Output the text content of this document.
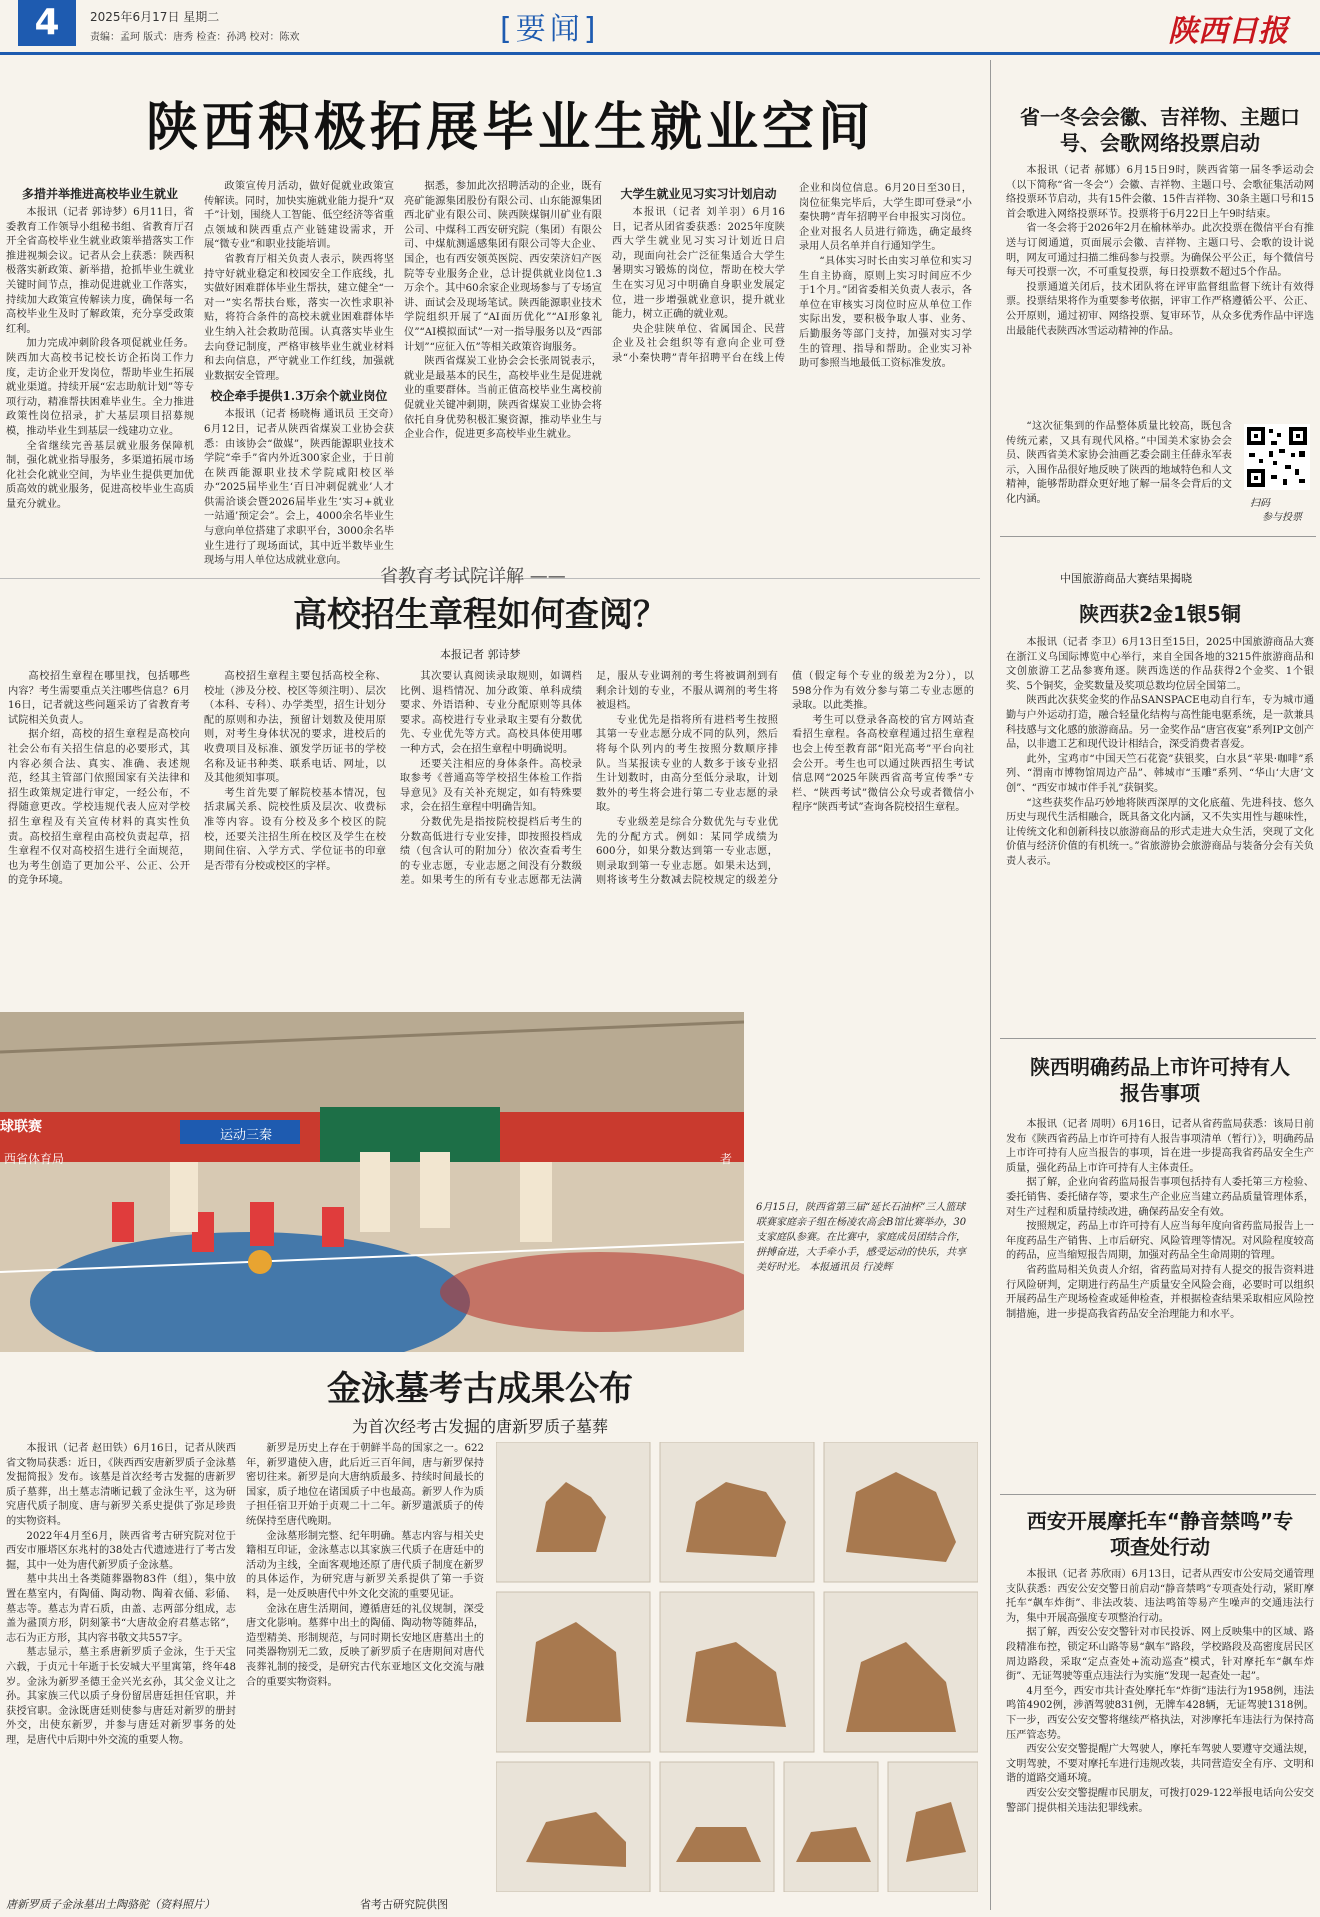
4	2025年6月17日 星期二
责编：孟珂 版式：唐秀 检查：孙鸿 校对：陈欢	[要闻]	陕西日报
陕西积极拓展毕业生就业空间
多措并举推进高校毕业生就业

本报讯（记者 郭诗梦）6月11日，省委教育工作领导小组秘书组、省教育厅召开全省高校毕业生就业政策举措落实工作推进视频会议。记者从会上获悉：陕西积极落实新政策、新举措，抢抓毕业生就业关键时间节点，推动促进就业工作落实，持续加大政策宣传解读力度，确保每一名高校毕业生及时了解政策，充分享受政策红利。

加力完成冲刺阶段各项促就业任务。陕西加大高校书记校长访企拓岗工作力度，走访企业开发岗位，帮助毕业生拓展就业渠道。持续开展“宏志助航计划”等专项行动，精准帮扶困难毕业生。全力推进政策性岗位招录，扩大基层项目招募规模，推动毕业生到基层一线建功立业。

全省继续完善基层就业服务保障机制，强化就业指导服务，多渠道拓展市场化社会化就业空间，为毕业生提供更加优质高效的就业服务，促进高校毕业生高质量充分就业。

政策宣传月活动，做好促就业政策宣传解读。同时，加快实施就业能力提升“双千”计划，围绕人工智能、低空经济等省重点领域和陕西重点产业链建设需求，开展“微专业”和职业技能培训。

省教育厅相关负责人表示，陕西将坚持守好就业稳定和校园安全工作底线，扎实做好困难群体毕业生帮扶，建立健全“一对一”实名帮扶台账，落实一次性求职补贴，将符合条件的高校未就业困难群体毕业生纳入社会救助范围。认真落实毕业生去向登记制度，严格审核毕业生就业材料和去向信息，严守就业工作红线，加强就业数据安全管理。

校企牵手提供1.3万余个就业岗位

本报讯（记者 杨晓梅 通讯员 王交奇）6月12日，记者从陕西省煤炭工业协会获悉：由该协会“做媒”，陕西能源职业技术学院“牵手”省内外近300家企业，于日前在陕西能源职业技术学院咸阳校区举办“2025届毕业生‘百日冲刺促就业’人才供需洽谈会暨2026届毕业生‘实习+就业一站通’预定会”。会上，4000余名毕业生与意向单位搭建了求职平台，3000余名毕业生进行了现场面试，其中近半数毕业生现场与用人单位达成就业意向。

据悉，参加此次招聘活动的企业，既有亮矿能源集团股份有限公司、山东能源集团西北矿业有限公司、陕西陕煤铜川矿业有限公司、中煤科工西安研究院（集团）有限公司、中煤航测遥感集团有限公司等大企业、国企，也有西安领英医院、西安荣济妇产医院等专业服务企业，总计提供就业岗位1.3万余个。其中60余家企业现场参与了专场宣讲、面试会及现场笔试。陕西能源职业技术学院组织开展了“AI面历优化”“AI形象礼仪”“AI模拟面试”一对一指导服务以及“西部计划”“应征入伍”等相关政策咨询服务。

陕西省煤炭工业协会会长张周锐表示，就业是最基本的民生，高校毕业生是促进就业的重要群体。当前正值高校毕业生离校前促就业关键冲刺期，陕西省煤炭工业协会将依托自身优势积极汇聚资源，推动毕业生与企业合作，促进更多高校毕业生就业。

大学生就业见习实习计划启动

本报讯（记者 刘羊羽）6月16日，记者从团省委获悉：2025年度陕西大学生就业见习实习计划近日启动，现面向社会广泛征集适合大学生暑期实习锻炼的岗位，帮助在校大学生在实习见习中明确自身职业发展定位，进一步增强就业意识，提升就业能力，树立正确的就业观。

央企驻陕单位、省属国企、民营企业及社会组织等有意向企业可登录“小秦快聘”青年招聘平台在线上传企业和岗位信息。6月20日至30日，岗位征集完毕后，大学生即可登录“小秦快聘”青年招聘平台申报实习岗位。企业对报名人员进行筛选，确定最终录用人员名单并自行通知学生。

“具体实习时长由实习单位和实习生自主协商，原则上实习时间应不少于1个月。”团省委相关负责人表示，各单位在审核实习岗位时应从单位工作实际出发，要积极争取人事、业务、后勤服务等部门支持，加强对实习学生的管理、指导和帮助。企业实习补助可参照当地最低工资标准发放。

省教育考试院详解 ——
高校招生章程如何查阅？
本报记者 郭诗梦

高校招生章程在哪里找，包括哪些内容？考生需要重点关注哪些信息？6月16日，记者就这些问题采访了省教育考试院相关负责人。

据介绍，高校的招生章程是高校向社会公布有关招生信息的必要形式，其内容必须合法、真实、准确、表述规范，经其主管部门依照国家有关法律和招生政策规定进行审定，一经公布，不得随意更改。学校违规代表人应对学校招生章程及有关宣传材料的真实性负责。高校招生章程由高校负责起草，招生章程不仅对高校招生进行全面规范，也为考生创造了更加公平、公正、公开的竞争环境。

高校招生章程主要包括高校全称、校址（涉及分校、校区等须注明）、层次（本科、专科）、办学类型，招生计划分配的原则和办法，预留计划数及使用原则，对考生身体状况的要求，进校后的收费项目及标准、颁发学历证书的学校名称及证书种类、联系电话、网址，以及其他须知事项。

考生首先要了解院校基本情况，包括隶属关系、院校性质及层次、收费标准等内容。设有分校及多个校区的院校，还要关注招生所在校区及学生在校期间住宿、入学方式、学位证书的印章是否带有分校或校区的字样。

其次要认真阅读录取规则，如调档比例、退档情况、加分政策、单科成绩要求、外语语种、专业分配原则等具体要求。高校进行专业录取主要有分数优先、专业优先等方式。高校具体使用哪一种方式，会在招生章程中明确说明。

还要关注相应的身体条件。高校录取参考《普通高等学校招生体检工作指导意见》及有关补充规定，如有特殊要求，会在招生章程中明确告知。

分数优先是指按院校提档后考生的分数高低进行专业安排，即按照投档成绩（包含认可的附加分）依次查看考生的专业志愿，专业志愿之间没有分数级差。如果考生的所有专业志愿都无法满足，服从专业调剂的考生将被调剂到有剩余计划的专业，不服从调剂的考生将被退档。

专业优先是指将所有进档考生按照其第一专业志愿分成不同的队列，然后将每个队列内的考生按照分数顺序排队。当某报读专业的人数多于该专业招生计划数时，由高分至低分录取，计划数外的考生将会进行第二专业志愿的录取。

专业级差是综合分数优先与专业优先的分配方式。例如：某同学成绩为600分，如果分数达到第一专业志愿，则录取到第一专业志愿。如果未达到，则将该考生分数减去院校规定的级差分值（假定每个专业的级差为2分），以598分作为有效分参与第二专业志愿的录取。以此类推。

考生可以登录各高校的官方网站查看招生章程。各高校章程通过招生章程也会上传至教育部“阳光高考”平台向社会公开。考生也可以通过陕西招生考试信息网“2025年陕西省高考宣传季”专栏、“陕西考试”微信公众号或者微信小程序“陕西考试”查询各院校招生章程。

球联赛
运动三秦
西省体育局	者
6月15日，陕西省第三届“延长石油杯”三人篮球联赛家庭亲子组在杨凌农高会B馆比赛举办，30支家庭队参赛。在比赛中，家庭成员团结合作，拼搏奋进，大手牵小手，感受运动的快乐，共享美好时光。 本报通讯员 行凌辉
金泳墓考古成果公布
为首次经考古发掘的唐新罗质子墓葬

本报讯（记者 赵田铁）6月16日，记者从陕西省文物局获悉：近日，《陕西西安唐新罗质子金泳墓发掘简报》发布。该墓是首次经考古发掘的唐新罗质子墓葬，出土墓志清晰记载了金泳生平，这为研究唐代质子制度、唐与新罗关系史提供了弥足珍贵的实物资料。

2022年4月至6月，陕西省考古研究院对位于西安市雁塔区东兆村的38处古代遗迹进行了考古发掘，其中一处为唐代新罗质子金泳墓。

墓中共出土各类随葬器物83件（组），集中放置在墓室内，有陶俑、陶动物、陶着衣俑、彩俑、墓志等。墓志为青石质，由盖、志两部分组成，志盖为盝顶方形，阴刻篆书“大唐故金府君墓志铭”，志石为正方形，其内容书敬文共557字。

墓志显示，墓主系唐新罗质子金泳，生于天宝六载，于贞元十年逝于长安城大平里寓第，终年48岁。金泳为新罗圣德王金兴光玄孙，其父金义让之孙。其家族三代以质子身份留居唐廷担任官职，并获授官职。金泳既唐廷则使参与唐廷对新罗的册封外交，出使东新罗，并参与唐廷对新罗事务的处理，是唐代中后期中外交流的重要人物。

新罗是历史上存在于朝鲜半岛的国家之一。622年，新罗遣使入唐，此后近三百年间，唐与新罗保持密切往来。新罗是向大唐纳质最多、持续时间最长的国家，质子地位在诸国质子中也最高。新罗人作为质子担任宿卫开始于贞观二十二年。新罗遣派质子的传统保持至唐代晚期。

金泳墓形制完整、纪年明确。墓志内容与相关史籍相互印证，金泳墓志以其家族三代质子在唐廷中的活动为主线，全面客观地还原了唐代质子制度在新罗的具体运作，为研究唐与新罗关系提供了第一手资料，是一处反映唐代中外文化交流的重要见证。

金泳在唐生活期间，遵循唐廷的礼仪规制，深受唐文化影响。墓葬中出土的陶俑、陶动物等随葬品，造型精美、形制规范，与同时期长安地区唐墓出土的同类器物别无二致，反映了新罗质子在唐期间对唐代丧葬礼制的接受，是研究古代东亚地区文化交流与融合的重要实物资料。

唐新罗质子金泳墓出土陶骆驼（资料照片）	省考古研究院供图
省一冬会会徽、吉祥物、主题口号、会歌网络投票启动

本报讯（记者 郝娜）6月15日9时，陕西省第一届冬季运动会（以下简称“省一冬会”）会徽、吉祥物、主题口号、会歌征集活动网络投票环节启动，共有15件会徽、15件吉祥物、30条主题口号和15首会歌进入网络投票环节。投票将于6月22日上午9时结束。

省一冬会将于2026年2月在榆林举办。此次投票在微信平台有推送与订阅通道，页面展示会徽、吉祥物、主题口号、会歌的设计说明，网友可通过扫描二维码参与投票。为确保公平公正，每个微信号每天可投票一次，不可重复投票，每日投票数不超过5个作品。

投票通道关闭后，技术团队将在评审监督组监督下统计有效得票。投票结果将作为重要参考依据，评审工作严格遵循公平、公正、公开原则，通过初审、网络投票、复审环节，从众多优秀作品中评选出最能代表陕西冰雪运动精神的作品。

“这次征集到的作品整体质量比较高，既包含传统元素，又具有现代风格。”中国美术家协会会员、陕西省美术家协会油画艺委会副主任薛永军表示，入围作品很好地反映了陕西的地域特色和人文精神，能够帮助群众更好地了解一届冬会背后的文化内涵。	扫码
参与投票
中国旅游商品大赛结果揭晓
陕西获2金1银5铜

本报讯（记者 李卫）6月13日至15日，2025中国旅游商品大赛在浙江义乌国际博览中心举行，来自全国各地的3215件旅游商品和文创旅游工艺品参赛角逐。陕西选送的作品获得2个金奖、1个银奖、5个铜奖，金奖数量及奖项总数均位居全国第二。

陕西此次获奖金奖的作品SANSPACE电动自行车，专为城市通勤与户外运动打造，融合轻量化结构与高性能电驱系统，是一款兼具科技感与文化感的旅游商品。另一金奖作品“唐宫夜宴”系列IP文创产品，以非遗工艺和现代设计相结合，深受消费者喜爱。

此外，宝鸡市“中国天竺石花瓷”获银奖，白水县“苹果·咖啡”系列、“渭南市博物馆周边产品”、韩城市“玉雕”系列、“华山‘大唐’文创”、“西安市城市伴手礼”获铜奖。

“这些获奖作品巧妙地将陕西深厚的文化底蕴、先进科技、悠久历史与现代生活相融合，既具备文化内涵，又不失实用性与趣味性，让传统文化和创新科技以旅游商品的形式走进大众生活，突现了文化价值与经济价值的有机统一。”省旅游协会旅游商品与装备分会有关负责人表示。

陕西明确药品上市许可持有人报告事项

本报讯（记者 周明）6月16日，记者从省药监局获悉：该局日前发布《陕西省药品上市许可持有人报告事项清单（暂行）》，明确药品上市许可持有人应当报告的事项，旨在进一步提高我省药品安全生产质量，强化药品上市许可持有人主体责任。

据了解，企业向省药监局报告事项包括持有人委托第三方检验、委托销售、委托储存等，要求生产企业应当建立药品质量管理体系，对生产过程和质量持续改进，确保药品安全有效。

按照规定，药品上市许可持有人应当每年度向省药监局报告上一年度药品生产销售、上市后研究、风险管理等情况。对风险程度较高的药品，应当缩短报告周期，加强对药品全生命周期的管理。

省药监局相关负责人介绍，省药监局对持有人提交的报告资料进行风险研判，定期进行药品生产质量安全风险会商，必要时可以组织开展药品生产现场检查或延伸检查，并根据检查结果采取相应风险控制措施，进一步提高我省药品安全治理能力和水平。

西安开展摩托车“静音禁鸣”专项查处行动

本报讯（记者 苏欣雨）6月13日，记者从西安市公安局交通管理支队获悉：西安公安交警日前启动“静音禁鸣”专项查处行动，紧盯摩托车“飙车炸街”、非法改装、违法鸣笛等易产生噪声的交通违法行为，集中开展高强度专项整治行动。

据了解，西安公安交警针对市民投诉、网上反映集中的区域、路段精准布控，锁定环山路等易“飙车”路段，学校路段及高密度居民区周边路段，采取“定点查处+流动巡查”模式，针对摩托车“飙车炸街”、无证驾驶等重点违法行为实施“发现一起查处一起”。

4月至今，西安市共计查处摩托车“炸街”违法行为1958例，违法鸣笛4902例，涉酒驾驶831例，无牌车428辆，无证驾驶1318例。下一步，西安公安交警将继续严格执法，对涉摩托车违法行为保持高压严管态势。

西安公安交警提醒广大驾驶人，摩托车驾驶人要遵守交通法规，文明驾驶，不要对摩托车进行违规改装，共同营造安全有序、文明和谐的道路交通环境。

西安公安交警提醒市民朋友，可拨打029-122举报电话向公安交警部门提供相关违法犯罪线索。
